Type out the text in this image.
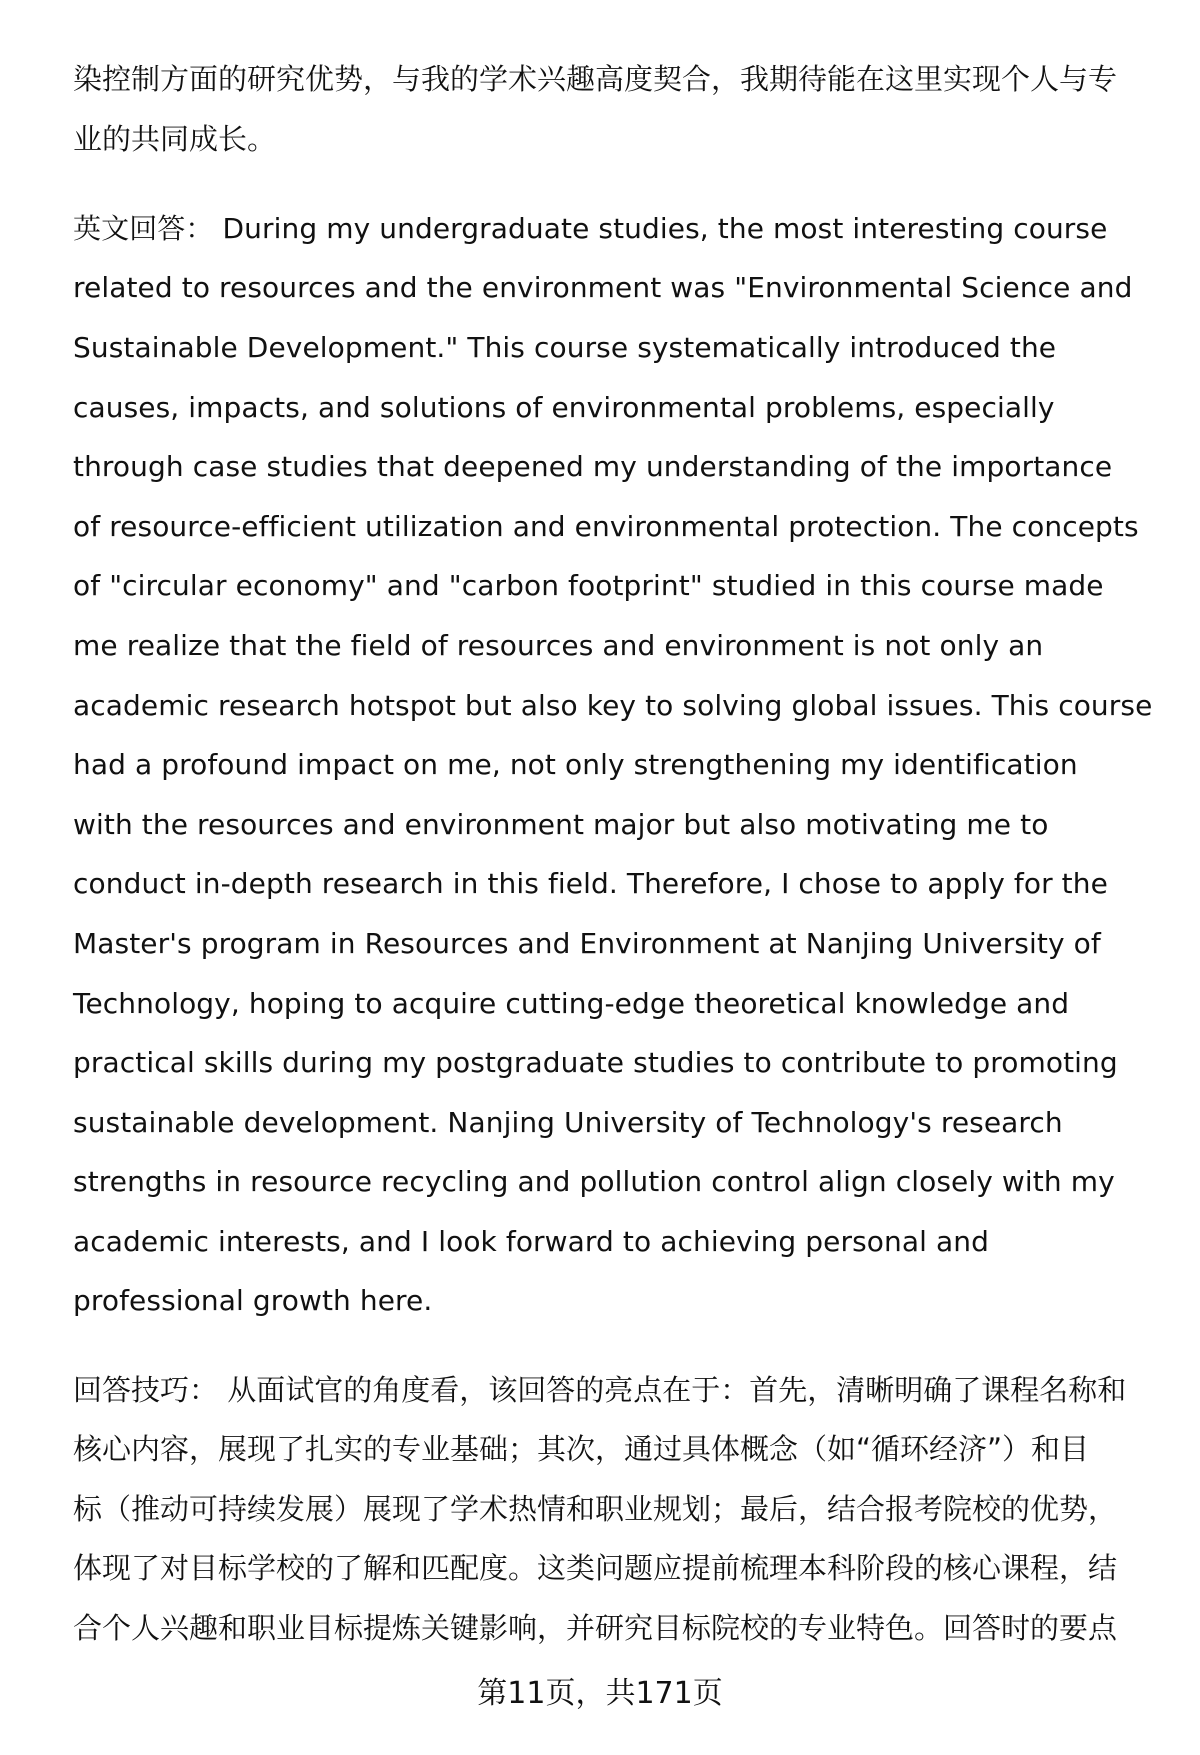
染控制方面的研究优势，与我的学术兴趣高度契合，我期待能在这里实现个人与专
业的共同成长。

英文回答： During my undergraduate studies, the most interesting course
related to resources and the environment was "Environmental Science and
Sustainable Development." This course systematically introduced the
causes, impacts, and solutions of environmental problems, especially
through case studies that deepened my understanding of the importance
of resource-efficient utilization and environmental protection. The concepts
of "circular economy" and "carbon footprint" studied in this course made
me realize that the field of resources and environment is not only an
academic research hotspot but also key to solving global issues. This course
had a profound impact on me, not only strengthening my identification
with the resources and environment major but also motivating me to
conduct in-depth research in this field. Therefore, I chose to apply for the
Master's program in Resources and Environment at Nanjing University of
Technology, hoping to acquire cutting-edge theoretical knowledge and
practical skills during my postgraduate studies to contribute to promoting
sustainable development. Nanjing University of Technology's research
strengths in resource recycling and pollution control align closely with my
academic interests, and I look forward to achieving personal and
professional growth here.

回答技巧： 从面试官的角度看，该回答的亮点在于：首先，清晰明确了课程名称和
核心内容，展现了扎实的专业基础；其次，通过具体概念（如“循环经济”）和目
标（推动可持续发展）展现了学术热情和职业规划；最后，结合报考院校的优势，
体现了对目标学校的了解和匹配度。这类问题应提前梳理本科阶段的核心课程，结
合个人兴趣和职业目标提炼关键影响，并研究目标院校的专业特色。回答时的要点

第11页，共171页
